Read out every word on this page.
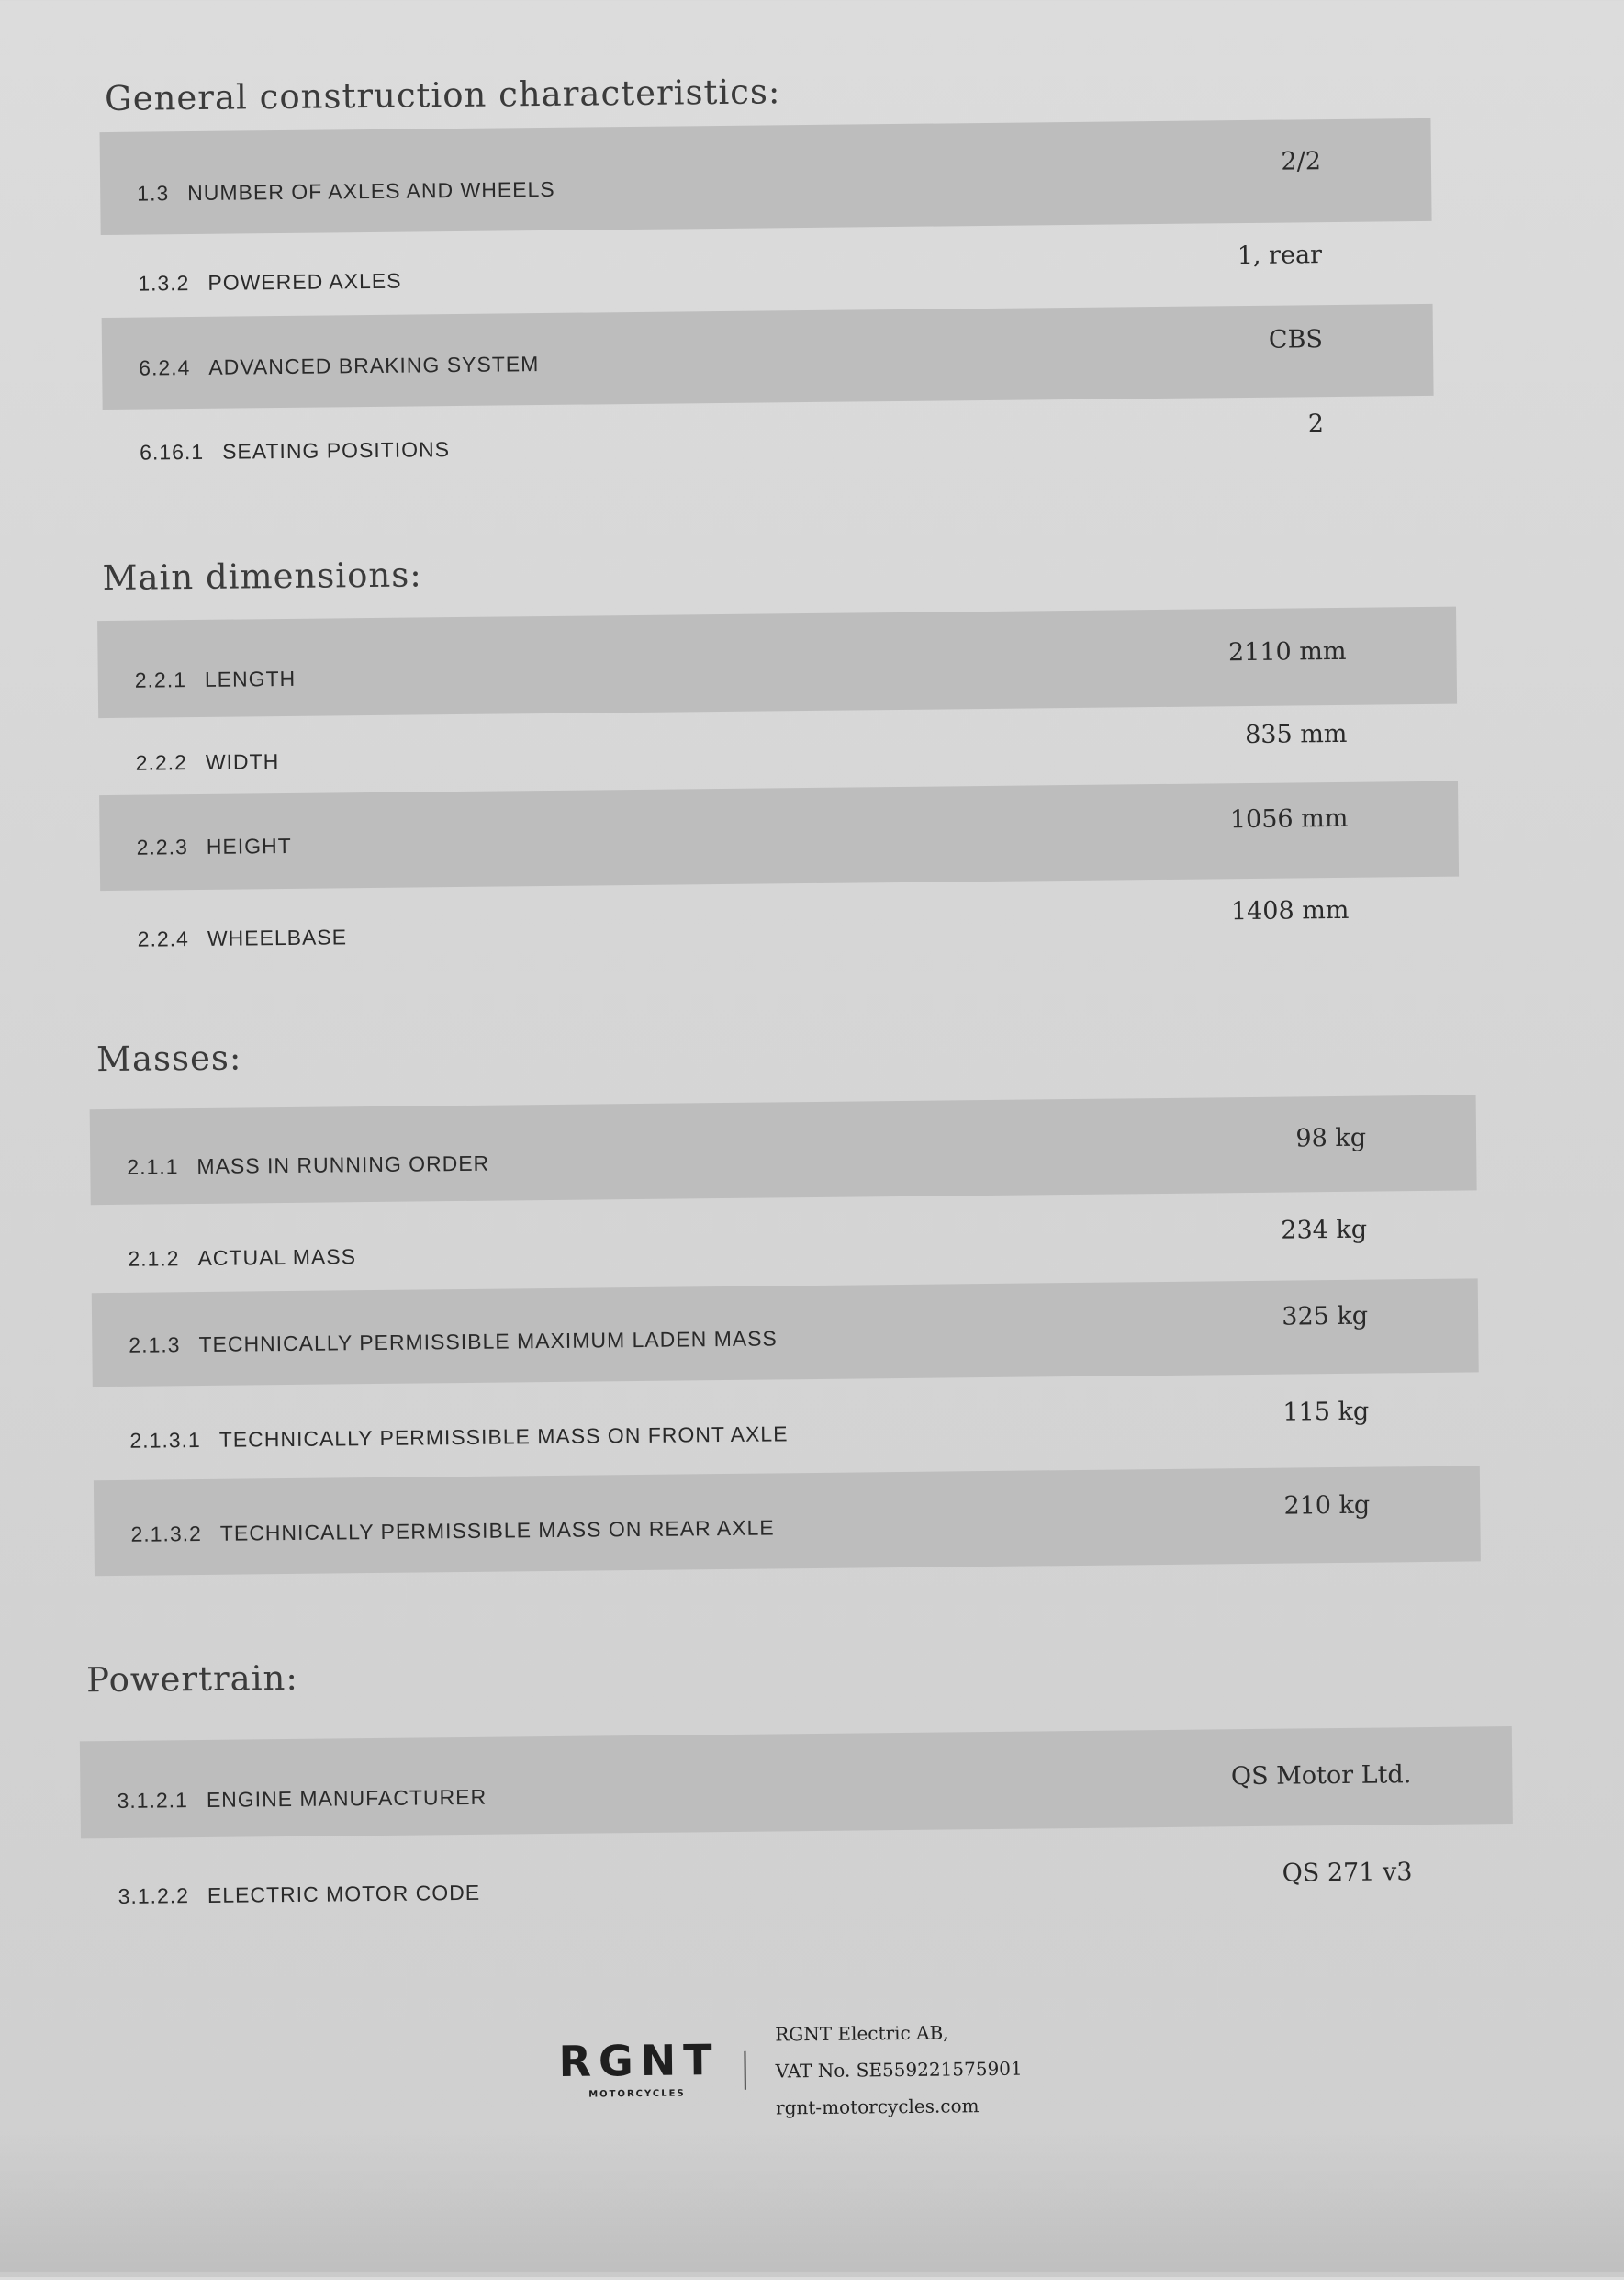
General construction characteristics:
1.3 NUMBER OF AXLES AND WHEELS
2/2
1.3.2 POWERED AXLES
1, rear
6.2.4 ADVANCED BRAKING SYSTEM
CBS
6.16.1 SEATING POSITIONS
2
Main dimensions:
2.2.1 LENGTH
2110 mm
2.2.2 WIDTH
835 mm
2.2.3 HEIGHT
1056 mm
2.2.4 WHEELBASE
1408 mm
Masses:
2.1.1 MASS IN RUNNING ORDER
98 kg
2.1.2 ACTUAL MASS
234 kg
2.1.3 TECHNICALLY PERMISSIBLE MAXIMUM LADEN MASS
325 kg
2.1.3.1 TECHNICALLY PERMISSIBLE MASS ON FRONT AXLE
115 kg
2.1.3.2 TECHNICALLY PERMISSIBLE MASS ON REAR AXLE
210 kg
Powertrain:
3.1.2.1 ENGINE MANUFACTURER
QS Motor Ltd.
3.1.2.2 ELECTRIC MOTOR CODE
QS 271 v3
RGNT
MOTORCYCLES
RGNT Electric AB,
VAT No. SE559221575901
rgnt-motorcycles.com
